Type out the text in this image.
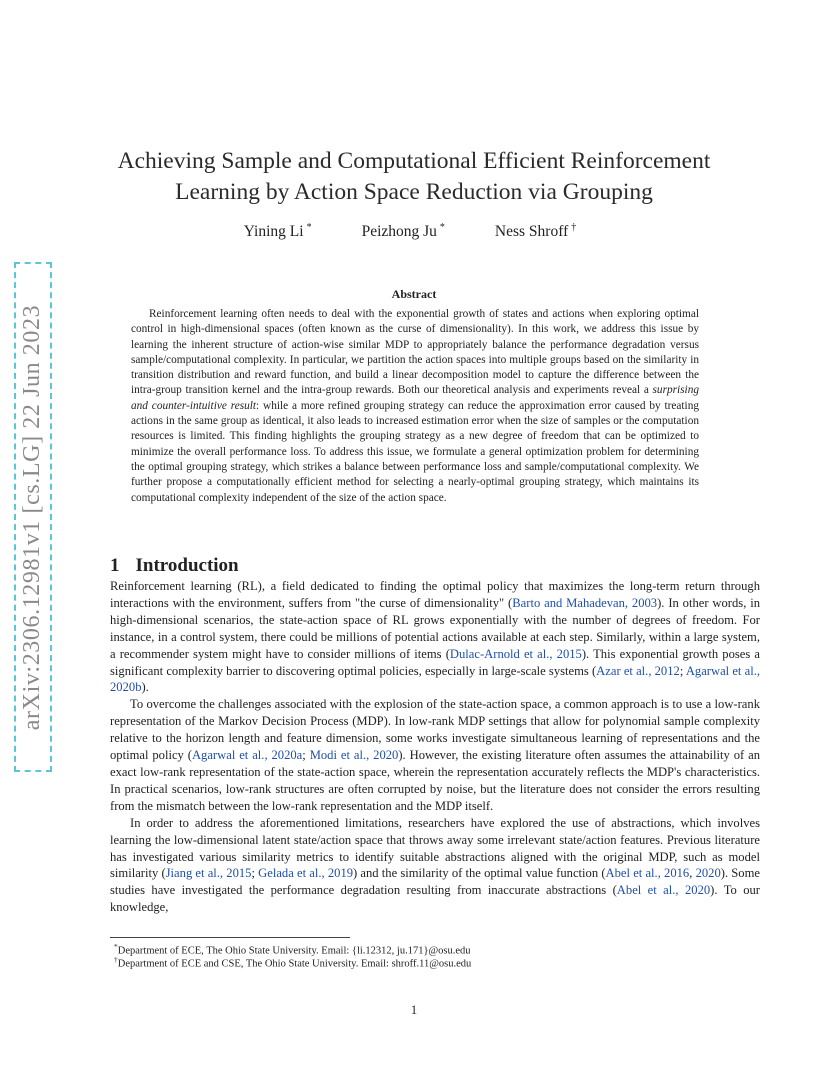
arXiv:2306.12981v1 [cs.LG] 22 Jun 2023
Achieving Sample and Computational Efficient Reinforcement Learning by Action Space Reduction via Grouping
Yining Li *	Peizhong Ju *	Ness Shroff †
Abstract

Reinforcement learning often needs to deal with the exponential growth of states and actions when exploring optimal control in high-dimensional spaces (often known as the curse of dimensionality). In this work, we address this issue by learning the inherent structure of action-wise similar MDP to appropriately balance the performance degradation versus sample/computational complexity. In particular, we partition the action spaces into multiple groups based on the similarity in transition distribution and reward function, and build a linear decomposition model to capture the difference between the intra-group transition kernel and the intra-group rewards. Both our theoretical analysis and experiments reveal a surprising and counter-intuitive result: while a more refined grouping strategy can reduce the approximation error caused by treating actions in the same group as identical, it also leads to increased estimation error when the size of samples or the computation resources is limited. This finding highlights the grouping strategy as a new degree of freedom that can be optimized to minimize the overall performance loss. To address this issue, we formulate a general optimization problem for determining the optimal grouping strategy, which strikes a balance between performance loss and sample/computational complexity. We further propose a computationally efficient method for selecting a nearly-optimal grouping strategy, which maintains its computational complexity independent of the size of the action space.

1 Introduction

Reinforcement learning (RL), a field dedicated to finding the optimal policy that maximizes the long-term return through interactions with the environment, suffers from "the curse of dimensionality" (Barto and Mahadevan, 2003). In other words, in high-dimensional scenarios, the state-action space of RL grows exponentially with the number of degrees of freedom. For instance, in a control system, there could be millions of potential actions available at each step. Similarly, within a large system, a recommender system might have to consider millions of items (Dulac-Arnold et al., 2015). This exponential growth poses a significant complexity barrier to discovering optimal policies, especially in large-scale systems (Azar et al., 2012; Agarwal et al., 2020b).

To overcome the challenges associated with the explosion of the state-action space, a common approach is to use a low-rank representation of the Markov Decision Process (MDP). In low-rank MDP settings that allow for polynomial sample complexity relative to the horizon length and feature dimension, some works investigate simultaneous learning of representations and the optimal policy (Agarwal et al., 2020a; Modi et al., 2020). However, the existing literature often assumes the attainability of an exact low-rank representation of the state-action space, wherein the representation accurately reflects the MDP's characteristics. In practical scenarios, low-rank structures are often corrupted by noise, but the literature does not consider the errors resulting from the mismatch between the low-rank representation and the MDP itself.

In order to address the aforementioned limitations, researchers have explored the use of abstractions, which involves learning the low-dimensional latent state/action space that throws away some irrelevant state/action features. Previous literature has investigated various similarity metrics to identify suitable abstractions aligned with the original MDP, such as model similarity (Jiang et al., 2015; Gelada et al., 2019) and the similarity of the optimal value function (Abel et al., 2016, 2020). Some studies have investigated the performance degradation resulting from inaccurate abstractions (Abel et al., 2020). To our knowledge,

*Department of ECE, The Ohio State University. Email: {li.12312, ju.171}@osu.edu
†Department of ECE and CSE, The Ohio State University. Email: shroff.11@osu.edu
1
